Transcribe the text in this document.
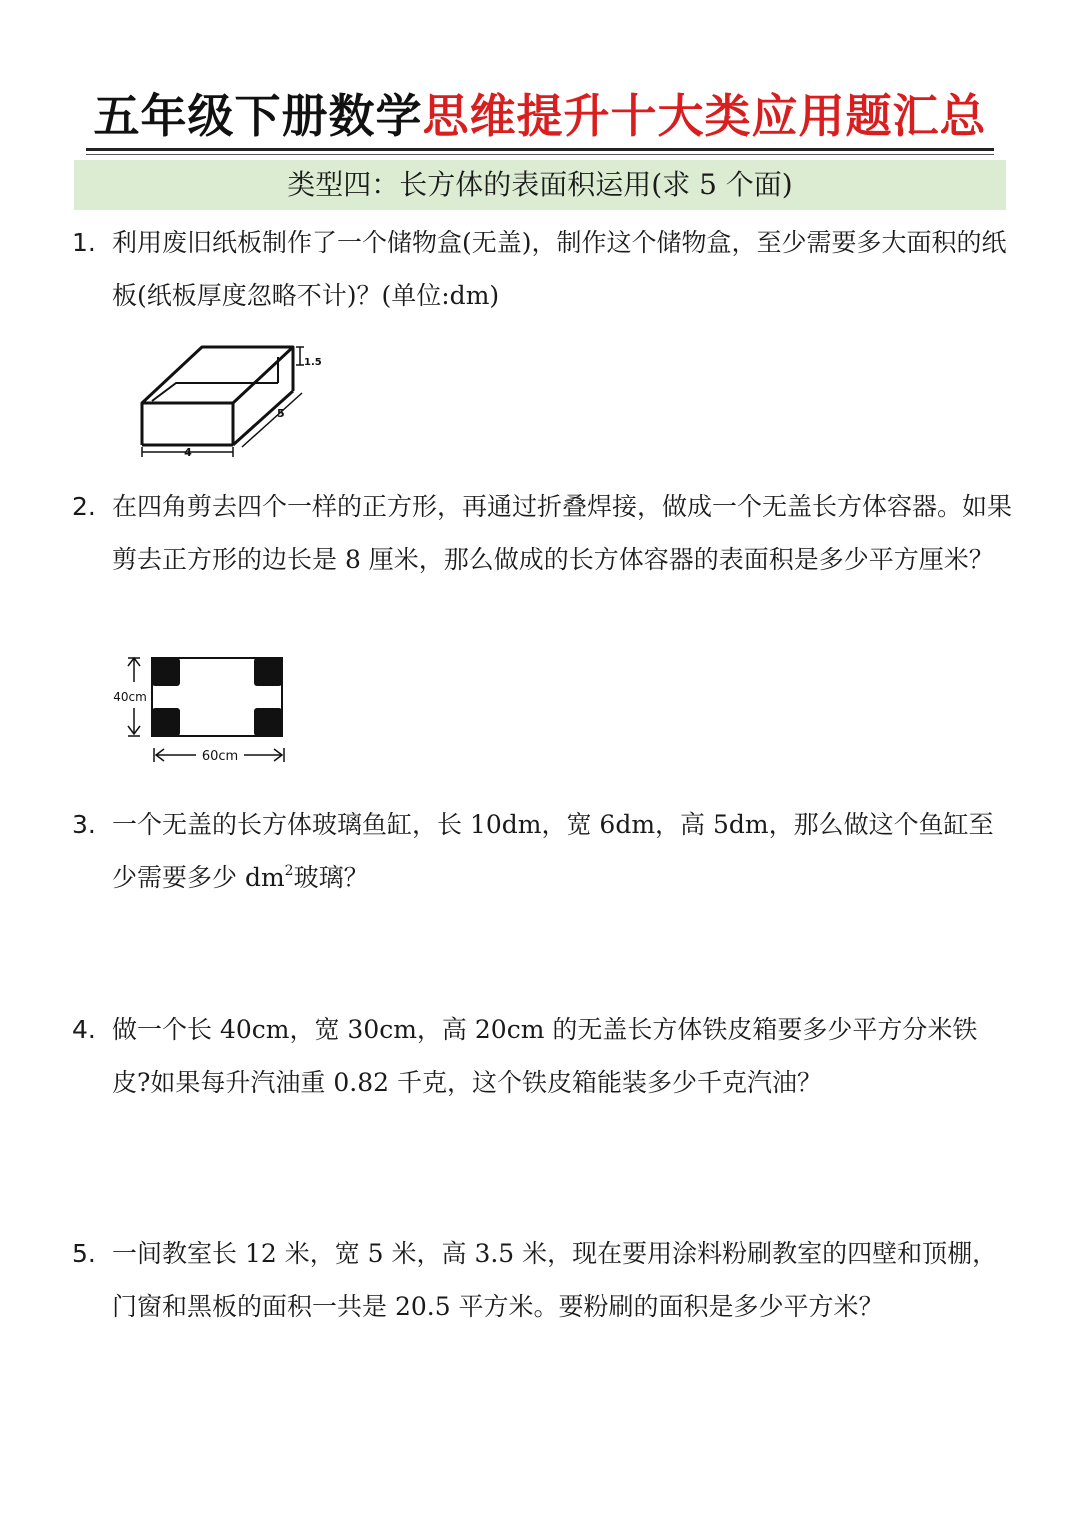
五年级下册数学思维提升十大类应用题汇总
类型四：长方体的表面积运用(求 5 个面)
1. 利用废旧纸板制作了一个储物盒(无盖)，制作这个储物盒，至少需要多大面积的纸板(纸板厚度忽略不计)？(单位:dm)
4
5
1.5
2. 在四角剪去四个一样的正方形，再通过折叠焊接，做成一个无盖长方体容器。如果剪去正方形的边长是 8 厘米，那么做成的长方体容器的表面积是多少平方厘米？
40cm
60cm
3. 一个无盖的长方体玻璃鱼缸，长 10dm，宽 6dm，高 5dm，那么做这个鱼缸至少需要多少 $dm^2$玻璃？
4. 做一个长 40cm，宽 30cm，高 20cm 的无盖长方体铁皮箱要多少平方分米铁皮?如果每升汽油重 0.82 千克，这个铁皮箱能装多少千克汽油？
5. 一间教室长 12 米，宽 5 米，高 3.5 米，现在要用涂料粉刷教室的四壁和顶棚，门窗和黑板的面积一共是 20.5 平方米。要粉刷的面积是多少平方米？
